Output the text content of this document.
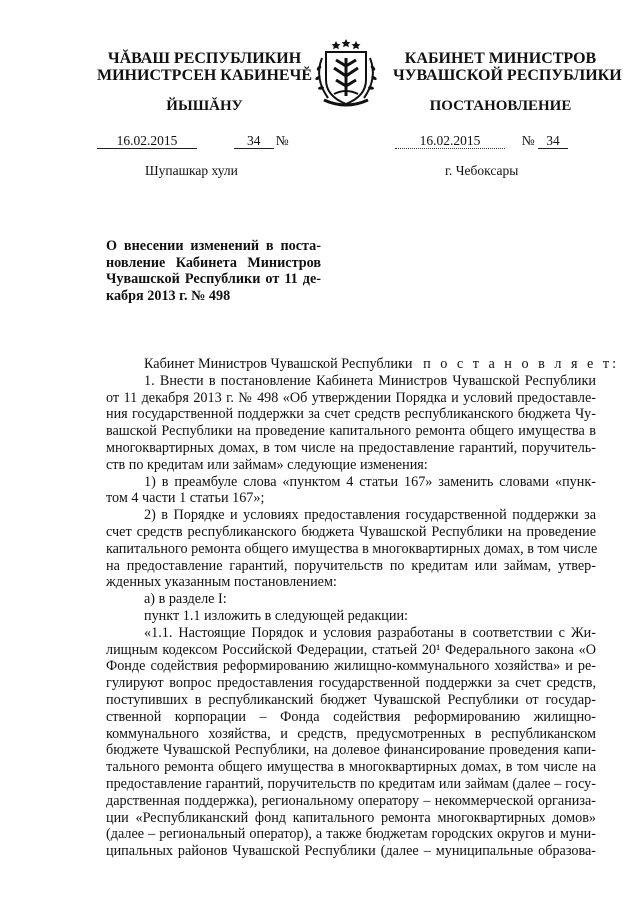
ЧĂВАШ РЕСПУБЛИКИН
МИНИСТРСЕН КАБИНЕЧĔ
КАБИНЕТ МИНИСТРОВ
ЧУВАШСКОЙ РЕСПУБЛИКИ
ЙЫШĂНУ	ПОСТАНОВЛЕНИЕ
16.02.2015	34 №	16.02.2015	№ 34
Шупашкар хули	г. Чебоксары
О внесении изменений в поста-
новление Кабинета Министров
Чувашской Республики от 11 де-
кабря 2013 г. № 498
Кабинет Министров Чувашской Республики п о с т а н о в л я е т:
1. Внести в постановление Кабинета Министров Чувашской Республики
от 11 декабря 2013 г. № 498 «Об утверждении Порядка и условий предоставле-
ния государственной поддержки за счет средств республиканского бюджета Чу-
вашской Республики на проведение капитального ремонта общего имущества в
многоквартирных домах, в том числе на предоставление гарантий, поручитель-
ств по кредитам или займам» следующие изменения:
1) в преамбуле слова «пунктом 4 статьи 167» заменить словами «пунк-
том 4 части 1 статьи 167»;
2) в Порядке и условиях предоставления государственной поддержки за
счет средств республиканского бюджета Чувашской Республики на проведение
капитального ремонта общего имущества в многоквартирных домах, в том числе
на предоставление гарантий, поручительств по кредитам или займам, утвер-
жденных указанным постановлением:
а) в разделе I:
пункт 1.1 изложить в следующей редакции:
«1.1. Настоящие Порядок и условия разработаны в соответствии с Жи-
лищным кодексом Российской Федерации, статьей 20¹ Федерального закона «О
Фонде содействия реформированию жилищно-коммунального хозяйства» и ре-
гулируют вопрос предоставления государственной поддержки за счет средств,
поступивших в республиканский бюджет Чувашской Республики от государ-
ственной корпорации – Фонда содействия реформированию жилищно-
коммунального хозяйства, и средств, предусмотренных в республиканском
бюджете Чувашской Республики, на долевое финансирование проведения капи-
тального ремонта общего имущества в многоквартирных домах, в том числе на
предоставление гарантий, поручительств по кредитам или займам (далее – госу-
дарственная поддержка), региональному оператору – некоммерческой организа-
ции «Республиканский фонд капитального ремонта многоквартирных домов»
(далее – региональный оператор), а также бюджетам городских округов и муни-
ципальных районов Чувашской Республики (далее – муниципальные образова-
